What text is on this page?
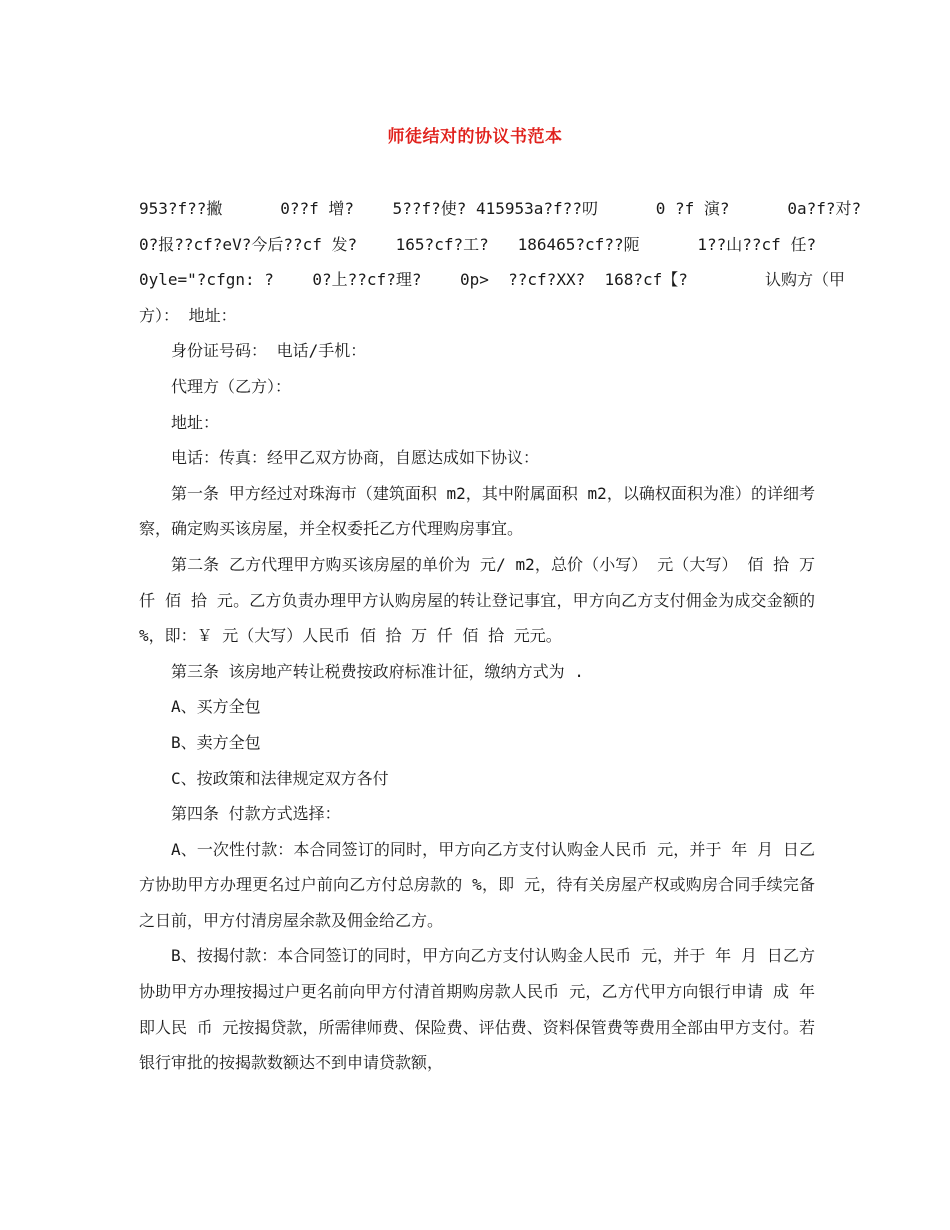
师徒结对的协议书范本
953?f??撇      0??f 增?    5??f?使? 415953a?f??叨      0 ?f 演?      0a?f?对?
0?报??cf?eV?今后??cf 发?    165?cf?工?   186465?cf??阨      1??山??cf 任?
0yle="?cfgn: ?    0?上??cf?理?    0p>  ??cf?XX?  168?cf【?        认购方（甲

方）： 地址：

身份证号码： 电话/手机：

代理方（乙方）：

地址：

电话：传真：经甲乙双方协商，自愿达成如下协议：

第一条 甲方经过对珠海市（建筑面积 m2，其中附属面积 m2，以确权面积为准）的详细考察，确定购买该房屋，并全权委托乙方代理购房事宜。

第二条 乙方代理甲方购买该房屋的单价为 元/ m2，总价（小写） 元（大写） 佰 拾 万 仟 佰 拾 元。乙方负责办理甲方认购房屋的转让登记事宜，甲方向乙方支付佣金为成交金额的 %，即：￥ 元（大写）人民币 佰 拾 万 仟 佰 拾 元元。

第三条 该房地产转让税费按政府标准计征，缴纳方式为 .

A、买方全包

B、卖方全包

C、按政策和法律规定双方各付

第四条 付款方式选择：

A、一次性付款：本合同签订的同时，甲方向乙方支付认购金人民币 元，并于 年 月 日乙方协助甲方办理更名过户前向乙方付总房款的 %，即 元，待有关房屋产权或购房合同手续完备之日前，甲方付清房屋余款及佣金给乙方。

B、按揭付款：本合同签订的同时，甲方向乙方支付认购金人民币 元，并于 年 月 日乙方协助甲方办理按揭过户更名前向甲方付清首期购房款人民币 元，乙方代甲方向银行申请 成 年即人民 币 元按揭贷款，所需律师费、保险费、评估费、资料保管费等费用全部由甲方支付。若银行审批的按揭款数额达不到申请贷款额，
